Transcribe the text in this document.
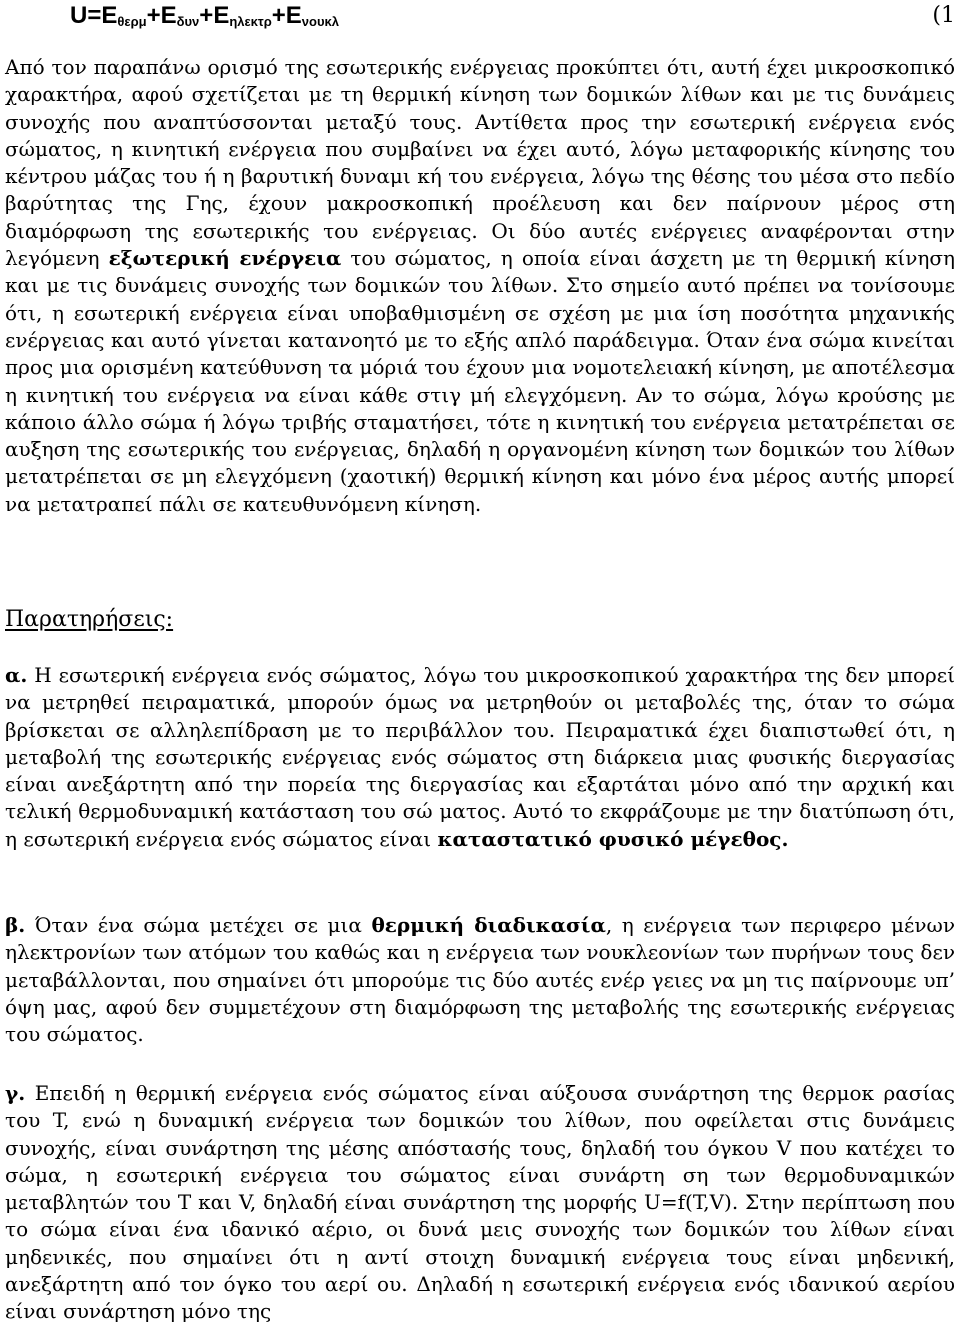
$U=E_{\theta\varepsilon\rho\mu}+E_{\delta\upsilon\nu}+E_{\eta\lambda\varepsilon\kappa\tau\rho}+E_{\nu o\upsilon\kappa\lambda}$	(1

Από τον παραπάνω ορισμό της εσωτερικής ενέργειας προκύπτει ότι, αυτή έχει μικροσκοπικό χαρακτήρα, αφού σχετίζεται με τη θερμική κίνηση των δομικών λίθων και με τις δυνάμεις συνοχής που αναπτύσσονται μεταξύ τους. Αντίθετα προς την εσωτερική ενέργεια ενός σώματος, η κινητική ενέργεια που συμβαίνει να έχει αυτό, λόγω μεταφορικής κίνησης του κέντρου μάζας του ή η βαρυτική δυναμι κή του ενέργεια, λόγω της θέσης του μέσα στο πεδίο βαρύτητας της Γης, έχουν μακροσκοπική προέλευση και δεν παίρνουν μέρος στη διαμόρφωση της εσωτερικής του ενέργειας. Οι δύο αυτές ενέργειες αναφέρονται στην λεγόμενη εξωτερική ενέργεια του σώματος, η οποία είναι άσχετη με τη θερμική κίνηση και με τις δυνάμεις συνοχής των δομικών του λίθων. Στο σημείο αυτό πρέπει να τονίσουμε ότι, η εσωτερική ενέργεια είναι υποβαθμισμένη σε σχέση με μια ίση ποσότητα μηχανικής ενέργειας και αυτό γίνεται κατανοητό με το εξής απλό παράδειγμα. Όταν ένα σώμα κινείται προς μια ορισμένη κατεύθυνση τα μόριά του έχουν μια νομοτελειακή κίνηση, με αποτέλεσμα η κινητική του ενέργεια να είναι κάθε στιγ μή ελεγχόμενη. Αν το σώμα, λόγω κρούσης με κάποιο άλλο σώμα ή λόγω τριβής σταματήσει, τότε η κινητική του ενέργεια μετατρέπεται σε αυξηση της εσωτερικής του ενέργειας, δηλαδή η οργανομένη κίνηση των δομικών του λίθων μετατρέπεται σε μη ελεγχόμενη (χαοτική) θερμική κίνηση και μόνο ένα μέρος αυτής μπορεί να μετατραπεί πάλι σε κατευθυνόμενη κίνηση.

Παρατηρήσεις:

α. Η εσωτερική ενέργεια ενός σώματος, λόγω του μικροσκοπικού χαρακτήρα της δεν μπορεί να μετρηθεί πειραματικά, μπορούν όμως να μετρηθούν οι μεταβολές της, όταν το σώμα βρίσκεται σε αλληλεπίδραση με το περιβάλλον του. Πειραματικά έχει διαπιστωθεί ότι, η μεταβολή της εσωτερικής ενέργειας ενός σώματος στη διάρκεια μιας φυσικής διεργασίας είναι ανεξάρτητη από την πορεία της διεργασίας και εξαρτάται μόνο από την αρχική και τελική θερμοδυναμική κατάσταση του σώ ματος. Αυτό το εκφράζουμε με την διατύπωση ότι, η εσωτερική ενέργεια ενός σώματος είναι καταστατικό φυσικό μέγεθος.

β. Όταν ένα σώμα μετέχει σε μια θερμική διαδικασία, η ενέργεια των περιφερο μένων ηλεκτρονίων των ατόμων του καθώς και η ενέργεια των νουκλεονίων των πυρήνων τους δεν μεταβάλλονται, που σημαίνει ότι μπορούμε τις δύο αυτές ενέρ γειες να μη τις παίρνουμε υπ’ όψη μας, αφού δεν συμμετέχουν στη διαμόρφωση της μεταβολής της εσωτερικής ενέργειας του σώματος.

γ. Επειδή η θερμική ενέργεια ενός σώματος είναι αύξουσα συνάρτηση της θερμοκ ρασίας του T, ενώ η δυναμική ενέργεια των δομικών του λίθων, που οφείλεται στις δυνάμεις συνοχής, είναι συνάρτηση της μέσης απόστασής τους, δηλαδή του όγκου V που κατέχει το σώμα, η εσωτερική ενέργεια του σώματος είναι συνάρτη ση των θερμοδυναμικών μεταβλητών του T και V, δηλαδή είναι συνάρτηση της μορφής U=f(T,V). Στην περίπτωση που το σώμα είναι ένα ιδανικό αέριο, οι δυνά μεις συνοχής των δομικών του λίθων είναι μηδενικές, που σημαίνει ότι η αντί στοιχη δυναμική ενέργεια τους είναι μηδενική, ανεξάρτητη από τον όγκο του αερί ου. Δηλαδή η εσωτερική ενέργεια ενός ιδανικού αερίου είναι συνάρτηση μόνο της
